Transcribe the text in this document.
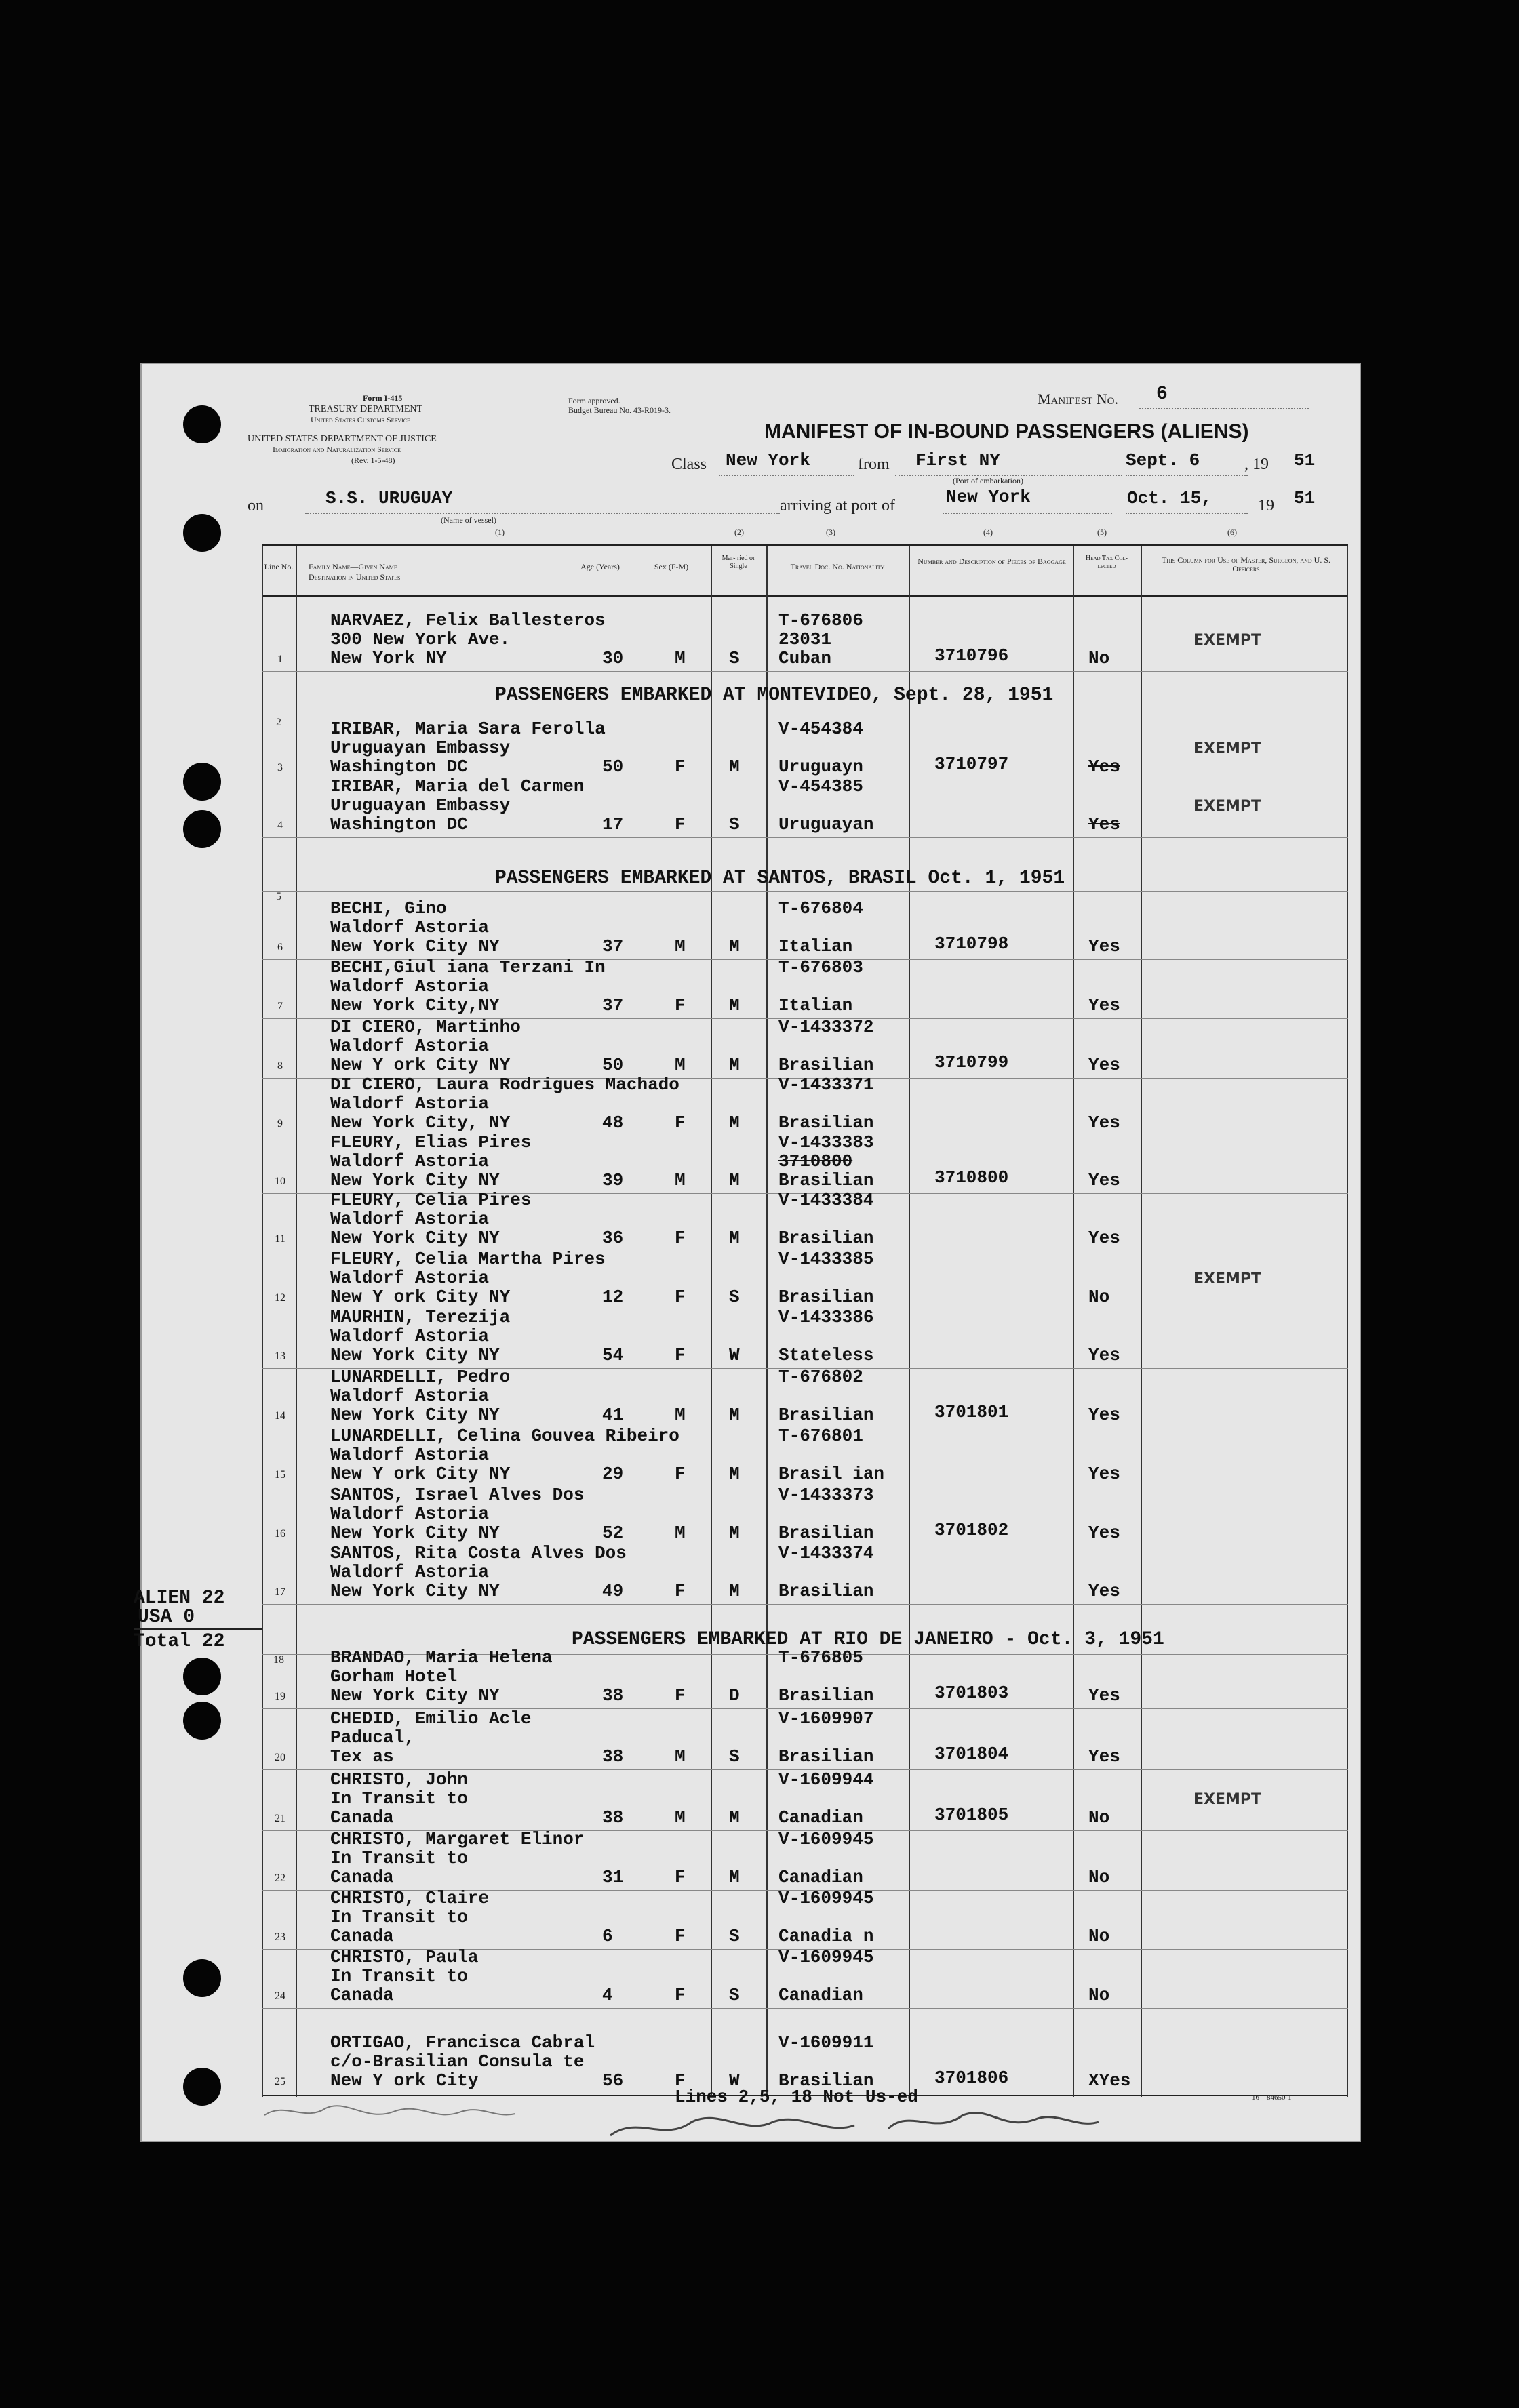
Form I-415
TREASURY DEPARTMENT
United States Customs Service
UNITED STATES DEPARTMENT OF JUSTICE
Immigration and Naturalization Service
(Rev. 1-5-48)
Form approved.
Budget Bureau No. 43-R019-3.
Manifest No. 6
MANIFEST OF IN-BOUND PASSENGERS (ALIENS)
Class New York	from First NY
(Port of embarkation)
Sept. 6	, 19 51
on	S.S. URUGUAY
(Name of vessel)
arriving at port of	New York	Oct. 15,	19 51
(1)	(2)	(3)	(4)	(5)	(6)
Line No.	Family Name—Given Name
Destination in United States
Age (Years)	Sex (F-M)
Mar- ried or Single	Travel Doc. No. Nationality
Number and Description of Pieces of Baggage	Head Tax Col- lected
This Column for Use of Master, Surgeon, and U. S. Officers
PASSENGERS EMBARKED AT MONTEVIDEO, Sept. 28, 1951
PASSENGERS EMBARKED AT SANTOS, BRASIL Oct. 1, 1951
PASSENGERS EMBARKED AT RIO DE JANEIRO - Oct. 3, 1951
2
5
18
1
NARVAEZ, Felix Ballesteros
300 New York Ave.
New York NY	30	M S
T-676806
23031
Cuban	3710796	No
EXEMPT
3
IRIBAR, Maria Sara Ferolla
Uruguayan Embassy
Washington DC	50	F M
V-454384
Uruguayn	3710797	Yes
EXEMPT
4
IRIBAR, Maria del Carmen
Uruguayan Embassy
Washington DC	17	F S
V-454385
Uruguayan	Yes
EXEMPT
6
BECHI, Gino
Waldorf Astoria
New York City NY	37	M M
T-676804
Italian	3710798	Yes
7
BECHI,Giul iana Terzani In
Waldorf Astoria
New York City,NY	37	F M
T-676803
Italian	Yes
8
DI CIERO, Martinho
Waldorf Astoria
New Y ork City NY	50	M M
V-1433372
Brasilian	3710799	Yes
9
DI CIERO, Laura Rodrigues Machado
Waldorf Astoria
New York City, NY	48	F M
V-1433371
Brasilian	Yes
10
FLEURY, Elias Pires
Waldorf Astoria
New York City NY	39	M M
V-1433383
3710800
Brasilian	3710800	Yes
11
FLEURY, Celia Pires
Waldorf Astoria
New York City NY	36	F M
V-1433384
Brasilian	Yes
12
FLEURY, Celia Martha Pires
Waldorf Astoria
New Y ork City NY	12	F S
V-1433385
Brasilian	No
EXEMPT
13
MAURHIN, Terezija
Waldorf Astoria
New York City NY	54	F W
V-1433386
Stateless	Yes
14
LUNARDELLI, Pedro
Waldorf Astoria
New York City NY	41	M M
T-676802
Brasilian	3701801	Yes
15
LUNARDELLI, Celina Gouvea Ribeiro
Waldorf Astoria
New Y ork City NY	29	F M
T-676801
Brasil ian	Yes
16
SANTOS, Israel Alves Dos
Waldorf Astoria
New York City NY	52	M M
V-1433373
Brasilian	3701802	Yes
17
SANTOS, Rita Costa Alves Dos
Waldorf Astoria
New York City NY	49	F M
V-1433374
Brasilian	Yes
19
BRANDAO, Maria Helena
Gorham Hotel
New York City NY	38	F D
T-676805
Brasilian	3701803	Yes
20
CHEDID, Emilio Acle
Paducal,
Tex as	38	M S
V-1609907
Brasilian	3701804	Yes
21
CHRISTO, John
In Transit to
Canada	38	M M
V-1609944
Canadian	3701805	No
EXEMPT
22
CHRISTO, Margaret Elinor
In Transit to
Canada	31	F M
V-1609945
Canadian	No
23
CHRISTO, Claire
In Transit to
Canada	6	F S
V-1609945
Canadia n	No
24
CHRISTO, Paula
In Transit to
Canada	4	F S
V-1609945
Canadian	No
25
ORTIGAO, Francisca Cabral
c/o-Brasilian Consula te
New Y ork City	56	F W
V-1609911
Brasilian	3701806	XYes
ALIEN 22
USA 0
Total 22
Lines 2,5, 18 Not Us-ed	16—84650-1
